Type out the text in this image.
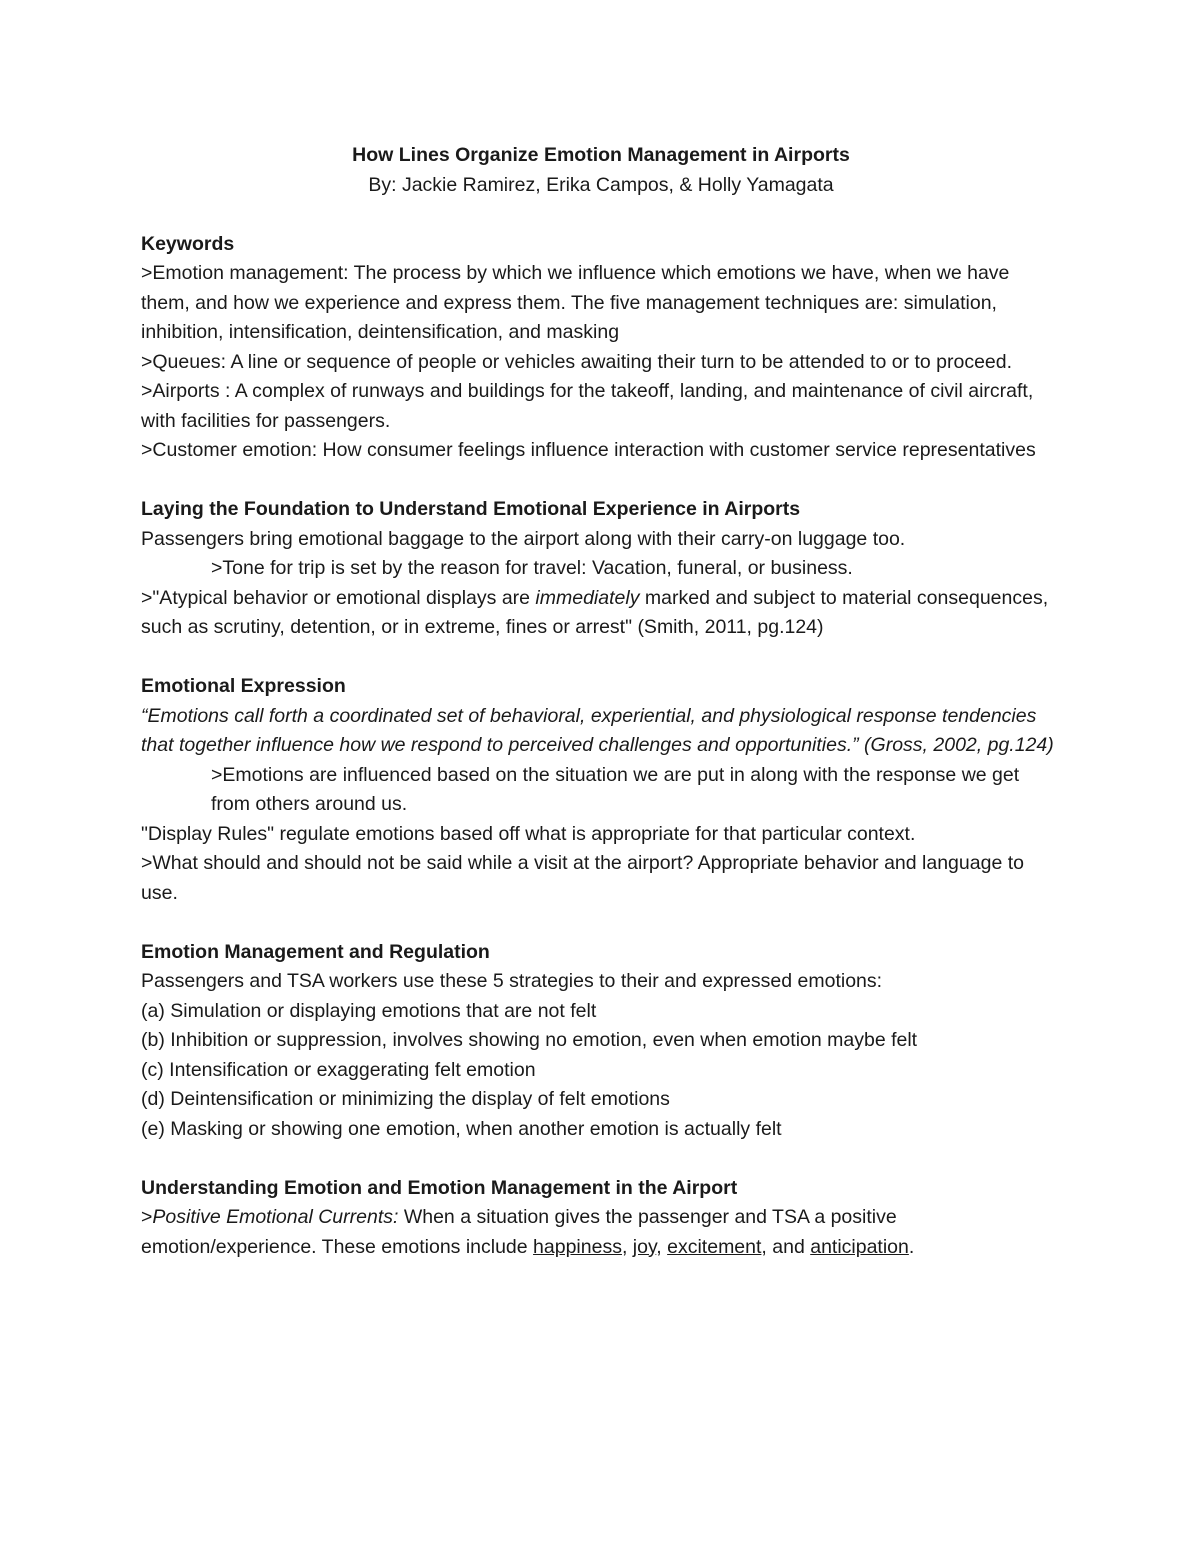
How Lines Organize Emotion Management in Airports

By: Jackie Ramirez, Erika Campos, & Holly Yamagata

Keywords

>Emotion management: The process by which we influence which emotions we have, when we have them, and how we experience and express them. The five management techniques are: simulation, inhibition, intensification, deintensification, and masking

>Queues: A line or sequence of people or vehicles awaiting their turn to be attended to or to proceed.

>Airports : A complex of runways and buildings for the takeoff, landing, and maintenance of civil aircraft, with facilities for passengers.

>Customer emotion: How consumer feelings influence interaction with customer service representatives

Laying the Foundation to Understand Emotional Experience in Airports

Passengers bring emotional baggage to the airport along with their carry-on luggage too.

>Tone for trip is set by the reason for travel: Vacation, funeral, or business.

>"Atypical behavior or emotional displays are immediately marked and subject to material consequences, such as scrutiny, detention, or in extreme, fines or arrest" (Smith, 2011, pg.124)

Emotional Expression

“Emotions call forth a coordinated set of behavioral, experiential, and physiological response tendencies that together influence how we respond to perceived challenges and opportunities.” (Gross, 2002, pg.124)

>Emotions are influenced based on the situation we are put in along with the response we get from others around us.

"Display Rules" regulate emotions based off what is appropriate for that particular context.

>What should and should not be said while a visit at the airport? Appropriate behavior and language to use.

Emotion Management and Regulation

Passengers and TSA workers use these 5 strategies to their and expressed emotions:

(a) Simulation or displaying emotions that are not felt

(b) Inhibition or suppression, involves showing no emotion, even when emotion maybe felt

(c) Intensification or exaggerating felt emotion

(d) Deintensification or minimizing the display of felt emotions

(e) Masking or showing one emotion, when another emotion is actually felt

Understanding Emotion and Emotion Management in the Airport

>Positive Emotional Currents: When a situation gives the passenger and TSA a positive emotion/experience. These emotions include happiness, joy, excitement, and anticipation.
